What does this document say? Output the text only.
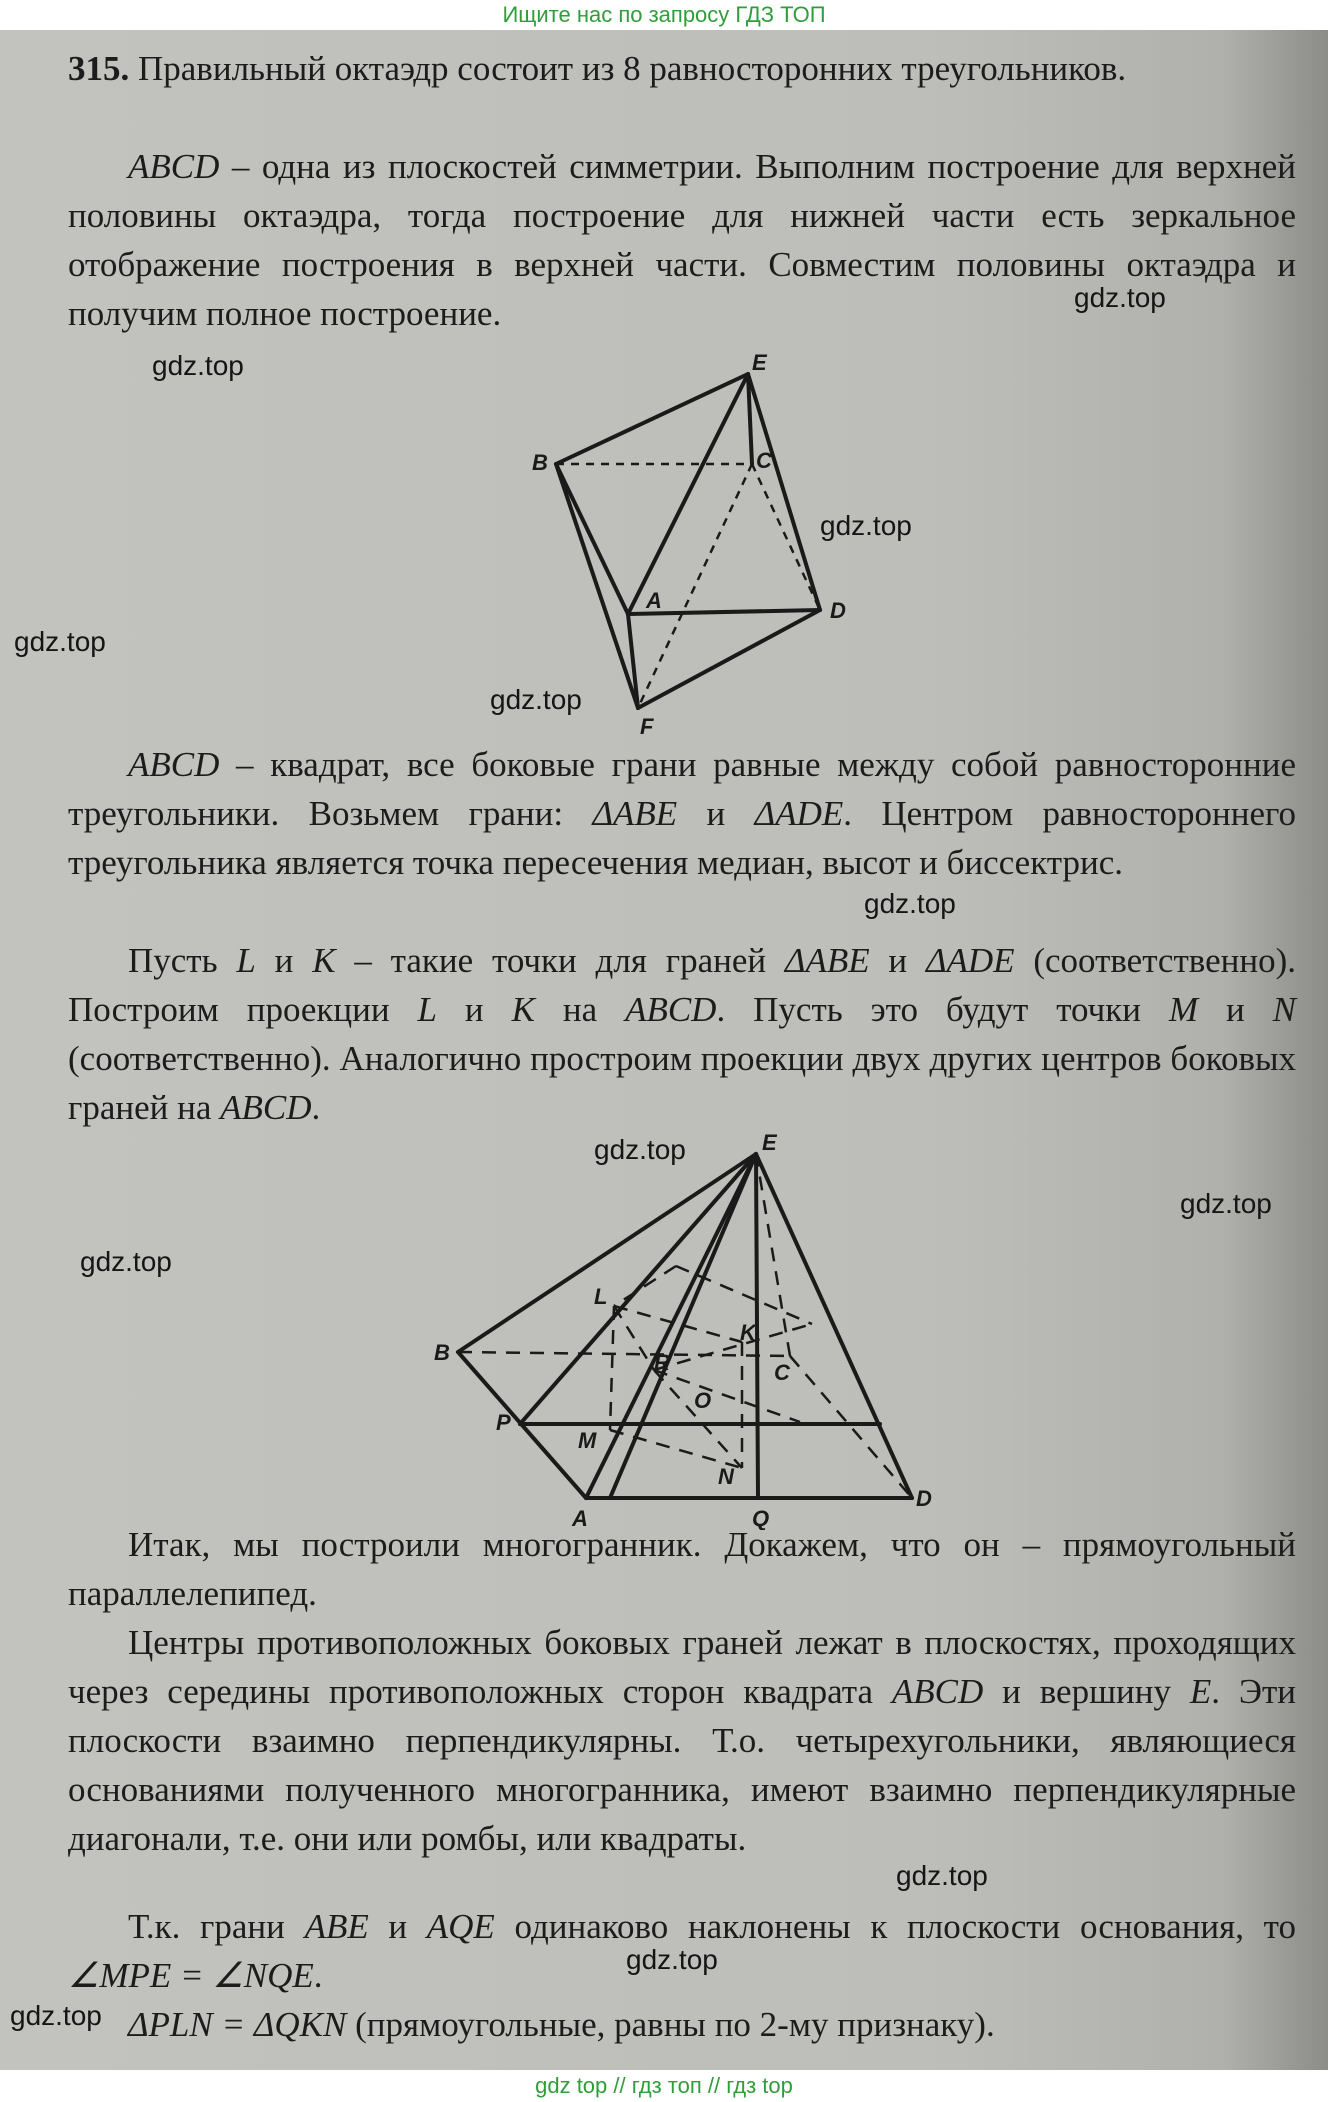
Ищите нас по запросу ГДЗ ТОП

315. Правильный октаэдр состоит из 8 равносторонних треугольников.

ABCD – одна из плоскостей симметрии. Выполним построение для верхней половины октаэдра, тогда построение для нижней части есть зеркальное отображение построения в верхней части. Совместим половины октаэдра и получим полное построение.

E
B	C
A	D
F

ABCD – квадрат, все боковые грани равные между собой равносторонние треугольники. Возьмем грани: ΔABE и ΔADE. Центром равностороннего треугольника является точка пересечения медиан, высот и биссектрис.

Пусть L и K – такие точки для граней ΔABE и ΔADE (соответственно). Построим проекции L и K на ABCD. Пусть это будут точки M и N (соответственно). Аналогично простроим проекции двух других центров боковых граней на ABCD.

E
B
C
A
D
P
Q
L
K
R
O
M
N

Итак, мы построили многогранник. Докажем, что он – прямоугольный параллелепипед.

Центры противоположных боковых граней лежат в плоскостях, проходящих через середины противоположных сторон квадрата ABCD и вершину E. Эти плоскости взаимно перпендикулярны. Т.о. четырехугольники, являющиеся основаниями полученного многогранника, имеют взаимно перпендикулярные диагонали, т.е. они или ромбы, или квадраты.

Т.к. грани ABE и AQE одинаково наклонены к плоскости основания, то ∠MPE = ∠NQE.

ΔPLN = ΔQKN (прямоугольные, равны по 2-му признаку).

gdz.top
gdz.top
gdz.top
gdz.top
gdz.top
gdz.top
gdz.top
gdz.top
gdz.top
gdz.top
gdz.top
gdz.top
gdz top // гдз топ // гдз top
